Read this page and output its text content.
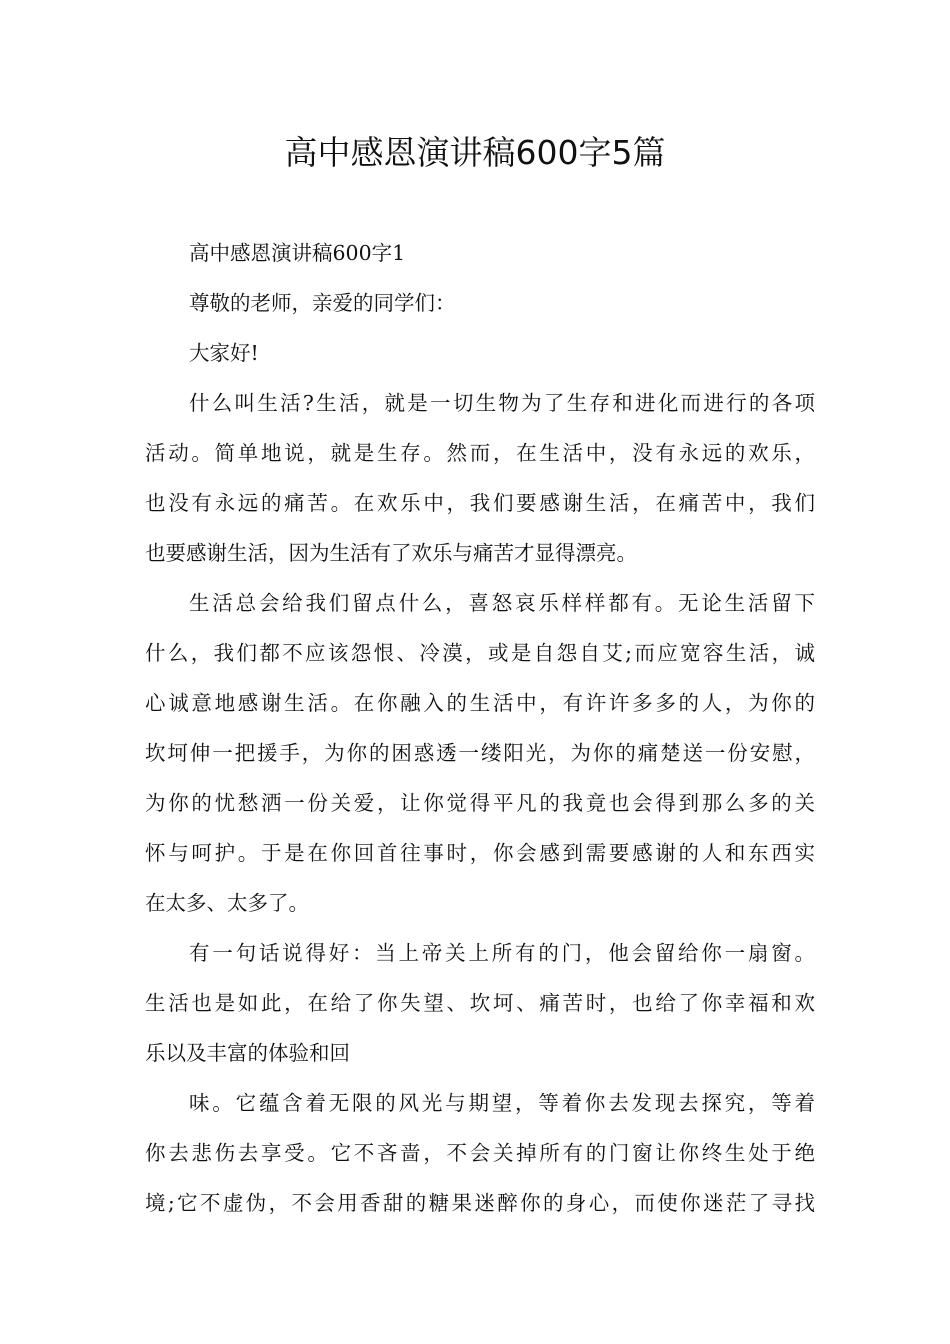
高中感恩演讲稿600字5篇
高中感恩演讲稿600字1
尊敬的老师，亲爱的同学们：
大家好!
什么叫生活?生活，就是一切生物为了生存和进化而进行的各项
活动。简单地说，就是生存。然而，在生活中，没有永远的欢乐，
也没有永远的痛苦。在欢乐中，我们要感谢生活，在痛苦中，我们
也要感谢生活，因为生活有了欢乐与痛苦才显得漂亮。
生活总会给我们留点什么，喜怒哀乐样样都有。无论生活留下
什么，我们都不应该怨恨、冷漠，或是自怨自艾;而应宽容生活，诚
心诚意地感谢生活。在你融入的生活中，有许许多多的人，为你的
坎坷伸一把援手，为你的困惑透一缕阳光，为你的痛楚送一份安慰，
为你的忧愁洒一份关爱，让你觉得平凡的我竟也会得到那么多的关
怀与呵护。于是在你回首往事时，你会感到需要感谢的人和东西实
在太多、太多了。
有一句话说得好：当上帝关上所有的门，他会留给你一扇窗。
生活也是如此，在给了你失望、坎坷、痛苦时，也给了你幸福和欢
乐以及丰富的体验和回
味。它蕴含着无限的风光与期望，等着你去发现去探究，等着
你去悲伤去享受。它不吝啬，不会关掉所有的门窗让你终生处于绝
境;它不虚伪，不会用香甜的糖果迷醉你的身心，而使你迷茫了寻找
